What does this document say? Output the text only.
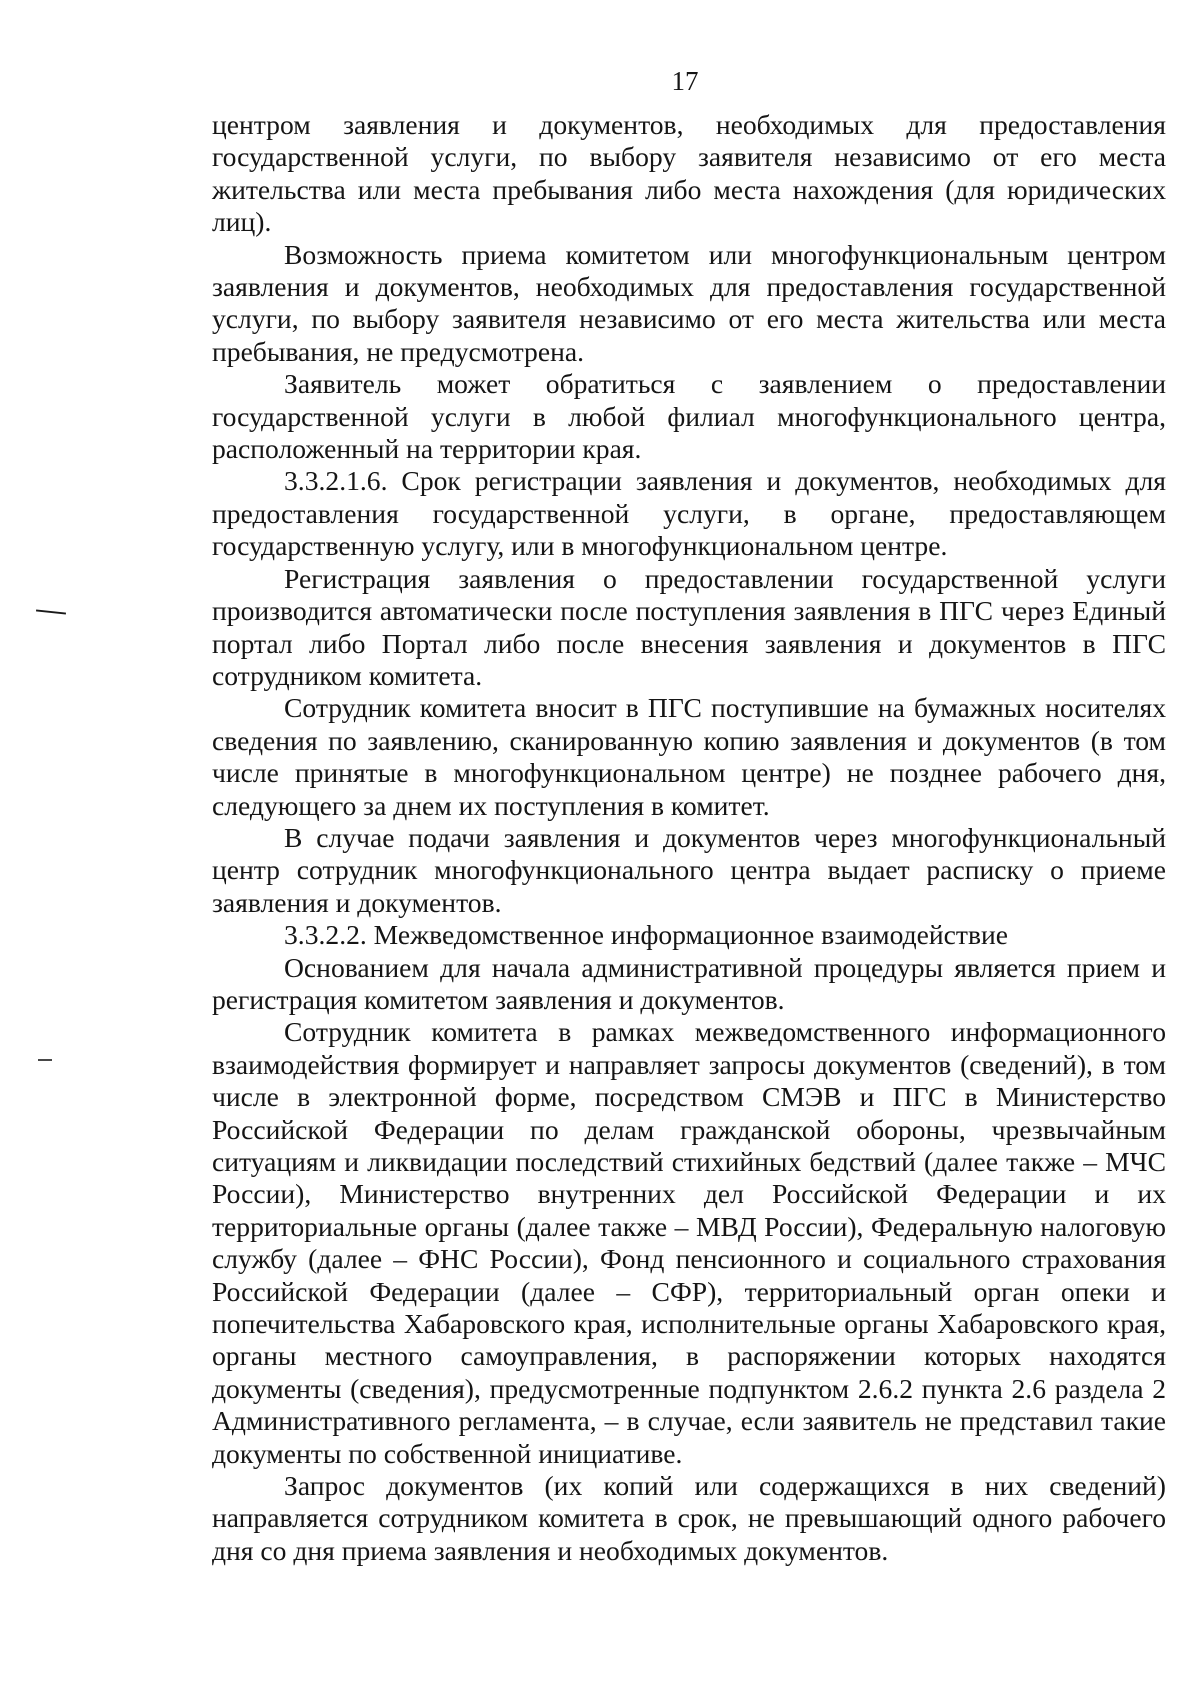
17

центром заявления и документов, необходимых для предоставления государственной услуги, по выбору заявителя независимо от его места жительства или места пребывания либо места нахождения (для юридических лиц).

Возможность приема комитетом или многофункциональным центром заявления и документов, необходимых для предоставления государственной услуги, по выбору заявителя независимо от его места жительства или места пребывания, не предусмотрена.

Заявитель может обратиться с заявлением о предоставлении государственной услуги в любой филиал многофункционального центра, расположенный на территории края.

3.3.2.1.6. Срок регистрации заявления и документов, необходимых для предоставления государственной услуги, в органе, предоставляющем государственную услугу, или в многофункциональном центре.

Регистрация заявления о предоставлении государственной услуги производится автоматически после поступления заявления в ПГС через Единый портал либо Портал либо после внесения заявления и документов в ПГС сотрудником комитета.

Сотрудник комитета вносит в ПГС поступившие на бумажных носителях сведения по заявлению, сканированную копию заявления и документов (в том числе принятые в многофункциональном центре) не позднее рабочего дня, следующего за днем их поступления в комитет.

В случае подачи заявления и документов через многофункциональный центр сотрудник многофункционального центра выдает расписку о приеме заявления и документов.

3.3.2.2. Межведомственное информационное взаимодействие

Основанием для начала административной процедуры является прием и регистрация комитетом заявления и документов.

Сотрудник комитета в рамках межведомственного информационного взаимодействия формирует и направляет запросы документов (сведений), в том числе в электронной форме, посредством СМЭВ и ПГС в Министерство Российской Федерации по делам гражданской обороны, чрезвычайным ситуациям и ликвидации последствий стихийных бедствий (далее также – МЧС России), Министерство внутренних дел Российской Федерации и их территориальные органы (далее также – МВД России), Федеральную налоговую службу (далее – ФНС России), Фонд пенсионного и социального страхования Российской Федерации (далее – СФР), территориальный орган опеки и попечительства Хабаровского края, исполнительные органы Хабаровского края, органы местного самоуправления, в распоряжении которых находятся документы (сведения), предусмотренные подпунктом 2.6.2 пункта 2.6 раздела 2 Административного регламента, – в случае, если заявитель не представил такие документы по собственной инициативе.

Запрос документов (их копий или содержащихся в них сведений) направляется сотрудником комитета в срок, не превышающий одного рабочего дня со дня приема заявления и необходимых документов.
